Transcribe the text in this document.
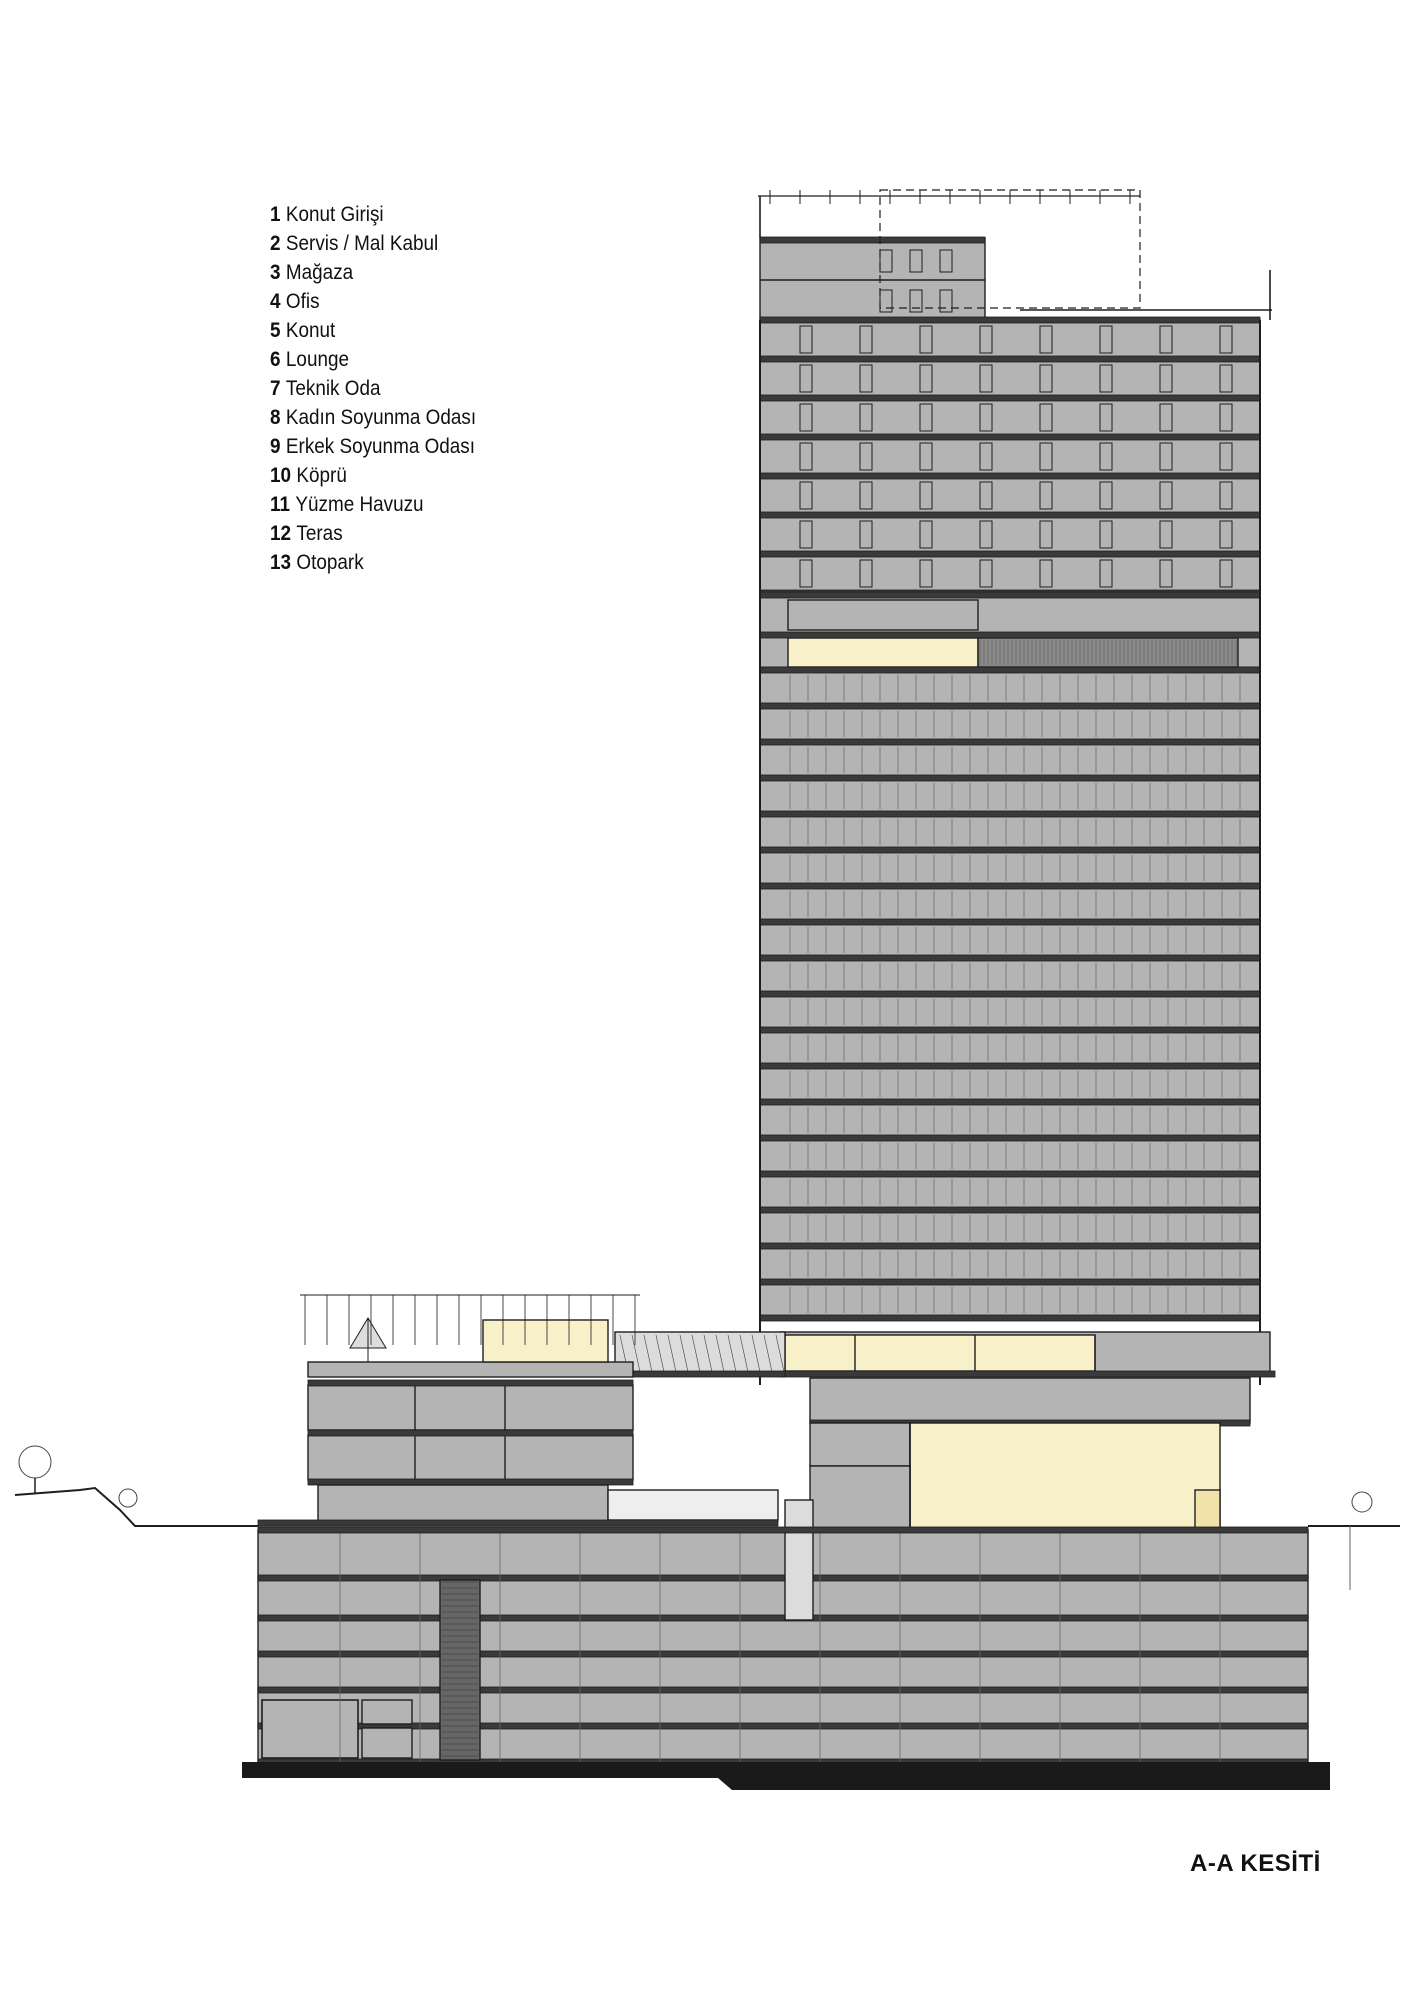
1 Konut Girişi
2 Servis / Mal Kabul
3 Mağaza
4 Ofis
5 Konut
6 Lounge
7 Teknik Oda
8 Kadın Soyunma Odası
9 Erkek Soyunma Odası
10 Köprü
11 Yüzme Havuzu
12 Teras
13 Otopark
A-A KESİTİ
